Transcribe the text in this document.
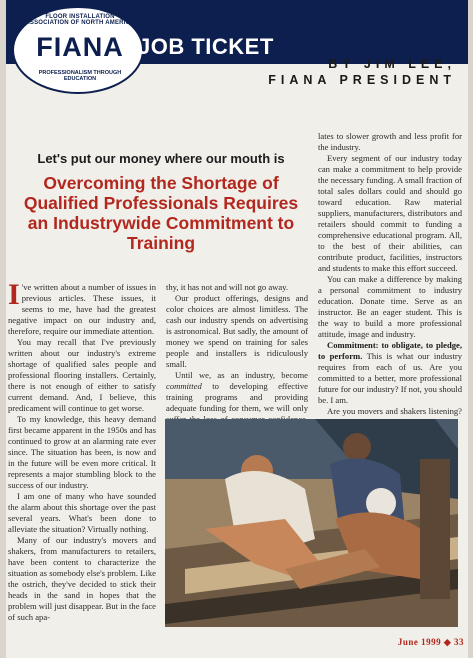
FLOOR INSTALLATION ASSOCIATION OF NORTH AMERICA
FIANA
PROFESSIONALISM THROUGH EDUCATION
JOB TICKET
BY JIM LEE,
FIANA PRESIDENT
Let's put our money where our mouth is
Overcoming the Shortage of Qualified Professionals Requires an Industrywide Commitment to Training

I 've written about a number of issues in previous articles. These issues, it seems to me, have had the greatest negative impact on our industry and, therefore, require our immediate attention.

You may recall that I've previously written about our industry's extreme shortage of qualified sales people and professional flooring installers. Certainly, there is not enough of either to satisfy current demand. And, I believe, this predicament will continue to get worse.

To my knowledge, this heavy demand first became apparent in the 1950s and has continued to grow at an alarming rate ever since. The situation has been, is now and in the future will be even more critical. It represents a major stumbling block to the success of our industry.

I am one of many who have sounded the alarm about this shortage over the past several years. What's been done to alleviate the situation? Virtually nothing.

Many of our industry's movers and shakers, from manufacturers to retailers, have been content to characterize the situation as somebody else's problem. Like the ostrich, they've decided to stick their heads in the sand in hopes that the problem will just disappear. But in the face of such apa-

thy, it has not and will not go away.

Our product offerings, designs and color choices are almost limitless. The cash our industry spends on advertising is astronomical. But sadly, the amount of money we spend on training for sales people and installers is ridiculously small.

Until we, as an industry, become committed to developing effective training programs and providing adequate funding for them, we will only

lates to slower growth and less profit for the industry.

Every segment of our industry today can make a commitment to help provide the necessary funding. A small fraction of total sales dollars could and should go toward education. Raw material suppliers, manufacturers, distributors and retailers should commit to funding a comprehensive educational program. All, to the best of their abilities, can contribute product, facilities, instructors and students to make this effort succeed.

You can make a difference by making a personal commitment to industry education. Donate time. Serve as an instructor. Be an eager student. This is the way to build a more professional attitude, image and industry.

Commitment: to obligate, to pledge, to perform. This is what our industry requires from each of us. Are you committed to a better, more professional future for our industry? If not, you should be. I am.

Are you movers and shakers listening?

June 1999 ◆ 33
